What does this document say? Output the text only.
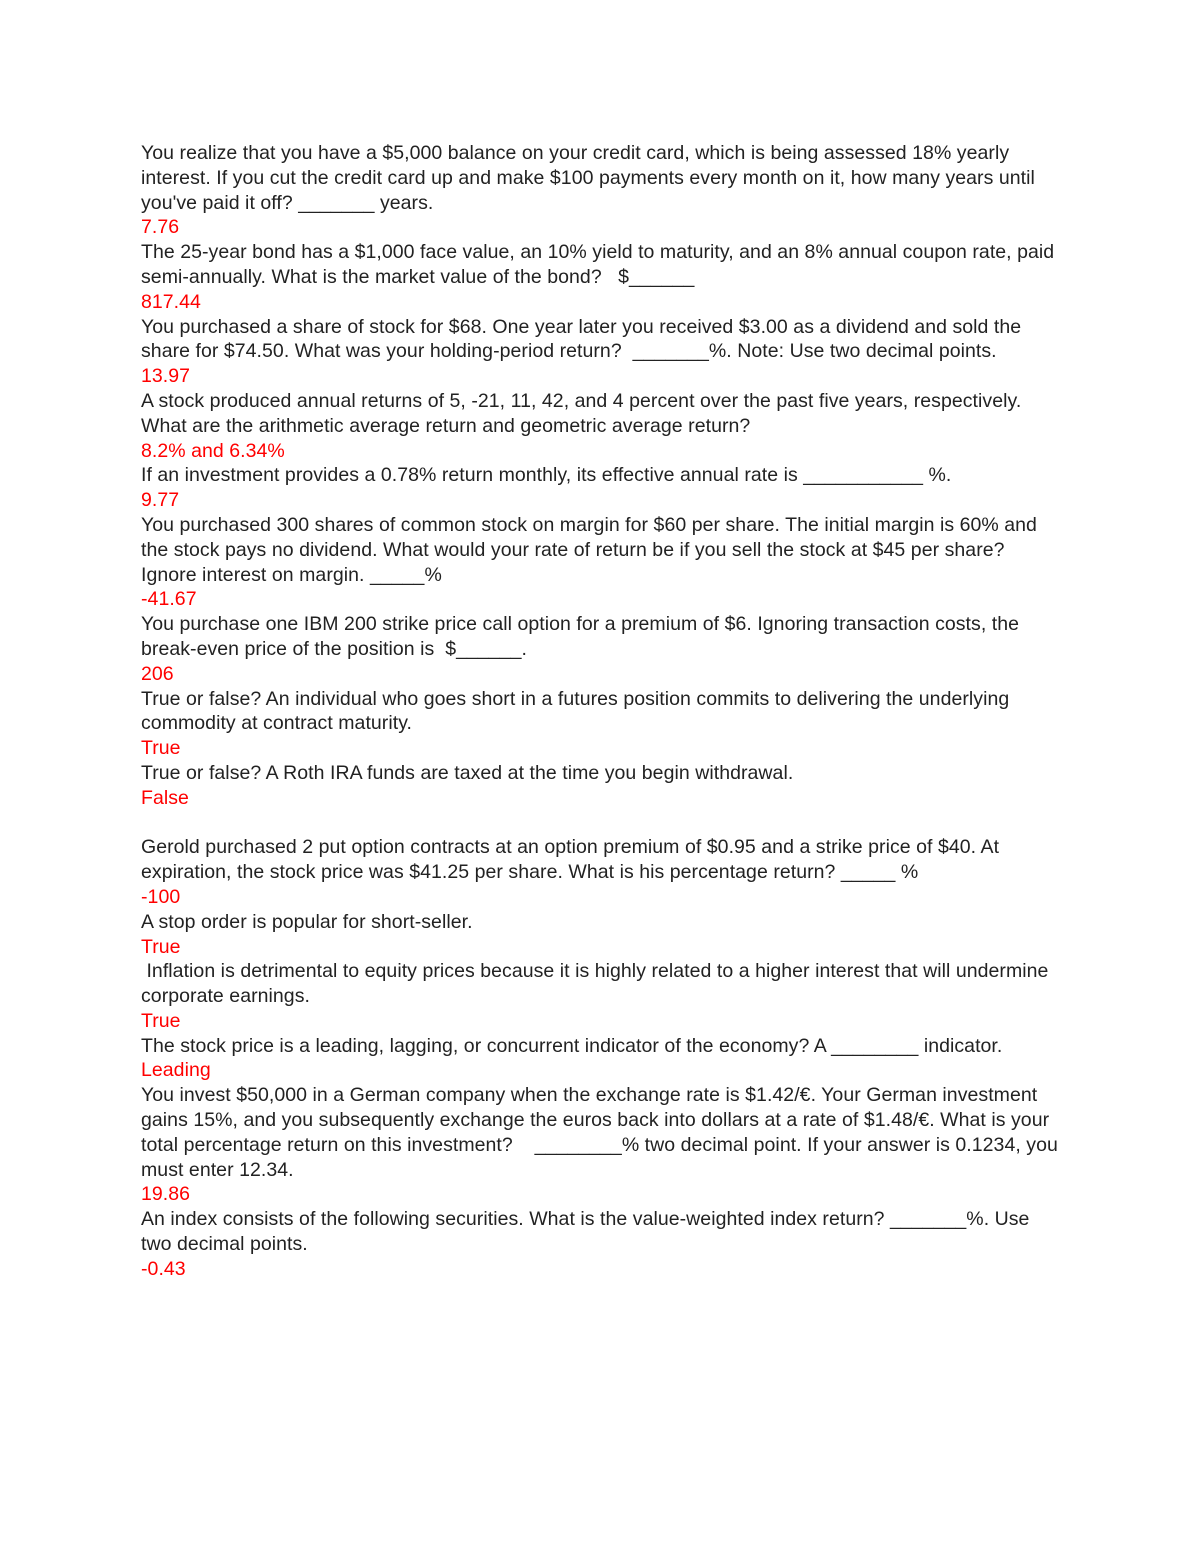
You realize that you have a $5,000 balance on your credit card, which is being assessed 18% yearly interest. If you cut the credit card up and make $100 payments every month on it, how many years until you've paid it off? _______ years.

7.76

The 25-year bond has a $1,000 face value, an 10% yield to maturity, and an 8% annual coupon rate, paid semi-annually. What is the market value of the bond?   $______

817.44

You purchased a share of stock for $68. One year later you received $3.00 as a dividend and sold the share for $74.50. What was your holding-period return?  _______%. Note: Use two decimal points.

13.97

A stock produced annual returns of 5, -21, 11, 42, and 4 percent over the past five years, respectively. What are the arithmetic average return and geometric average return?

8.2% and 6.34%

If an investment provides a 0.78% return monthly, its effective annual rate is ___________ %.

9.77

You purchased 300 shares of common stock on margin for $60 per share. The initial margin is 60% and the stock pays no dividend. What would your rate of return be if you sell the stock at $45 per share? Ignore interest on margin. _____%

-41.67

You purchase one IBM 200 strike price call option for a premium of $6. Ignoring transaction costs, the break-even price of the position is  $______.

206

True or false? An individual who goes short in a futures position commits to delivering the underlying commodity at contract maturity.

True

True or false? A Roth IRA funds are taxed at the time you begin withdrawal.

False

Gerold purchased 2 put option contracts at an option premium of $0.95 and a strike price of $40. At expiration, the stock price was $41.25 per share. What is his percentage return? _____ %

-100

A stop order is popular for short-seller.

True

Inflation is detrimental to equity prices because it is highly related to a higher interest that will undermine corporate earnings.

True

The stock price is a leading, lagging, or concurrent indicator of the economy? A ________ indicator.

Leading

You invest $50,000 in a German company when the exchange rate is $1.42/€. Your German investment gains 15%, and you subsequently exchange the euros back into dollars at a rate of $1.48/€. What is your total percentage return on this investment?    ________% two decimal point. If your answer is 0.1234, you must enter 12.34.

19.86

An index consists of the following securities. What is the value-weighted index return? _______%. Use two decimal points.

-0.43
